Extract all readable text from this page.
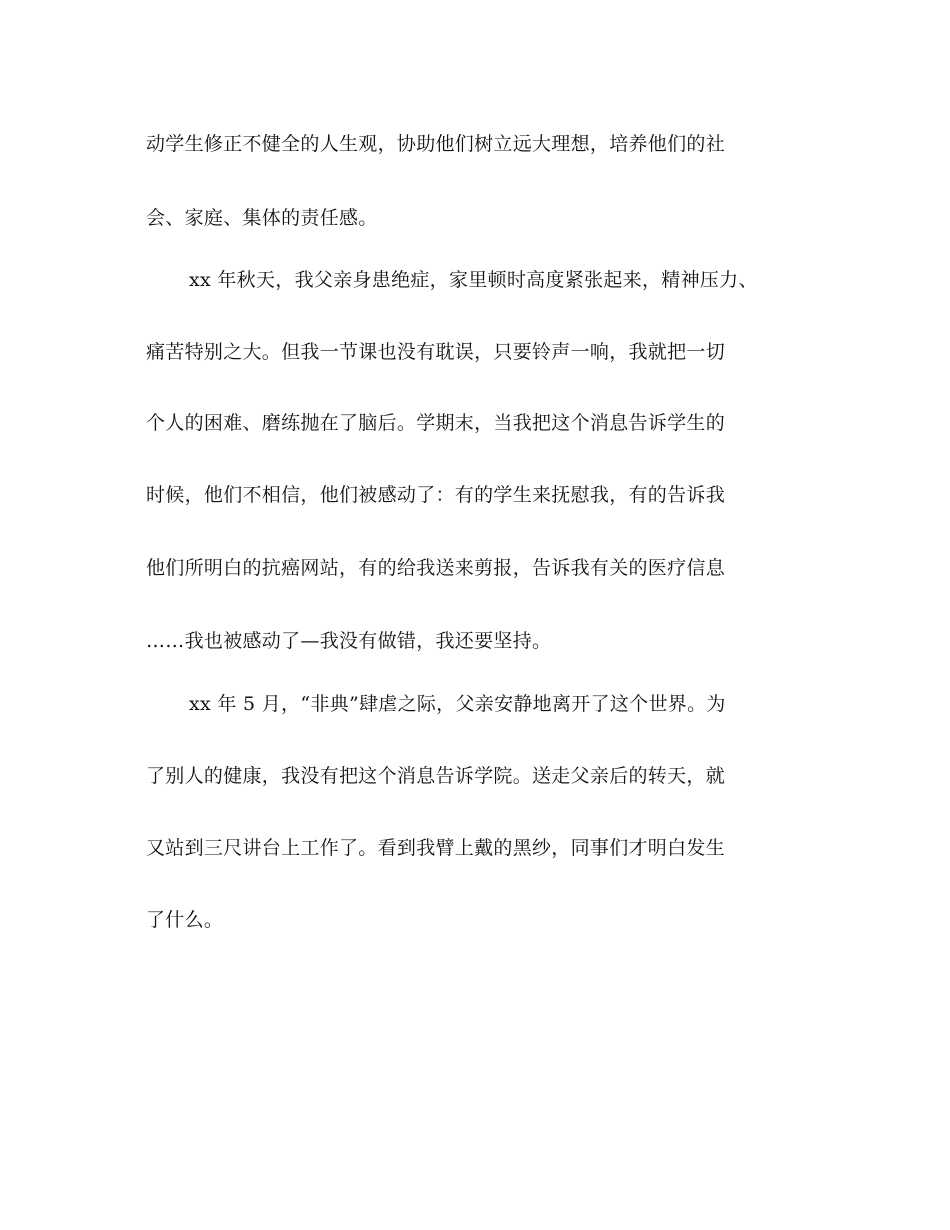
动学生修正不健全的人生观，协助他们树立远大理想，培养他们的社
会、家庭、集体的责任感。
xx 年秋天，我父亲身患绝症，家里顿时高度紧张起来，精神压力、
痛苦特别之大。但我一节课也没有耽误，只要铃声一响，我就把一切
个人的困难、磨练抛在了脑后。学期末，当我把这个消息告诉学生的
时候，他们不相信，他们被感动了：有的学生来抚慰我，有的告诉我
他们所明白的抗癌网站，有的给我送来剪报，告诉我有关的医疗信息
……我也被感动了—我没有做错，我还要坚持。
xx 年 5 月，“非典”肆虐之际，父亲安静地离开了这个世界。为
了别人的健康，我没有把这个消息告诉学院。送走父亲后的转天，就
又站到三尺讲台上工作了。看到我臂上戴的黑纱，同事们才明白发生
了什么。
